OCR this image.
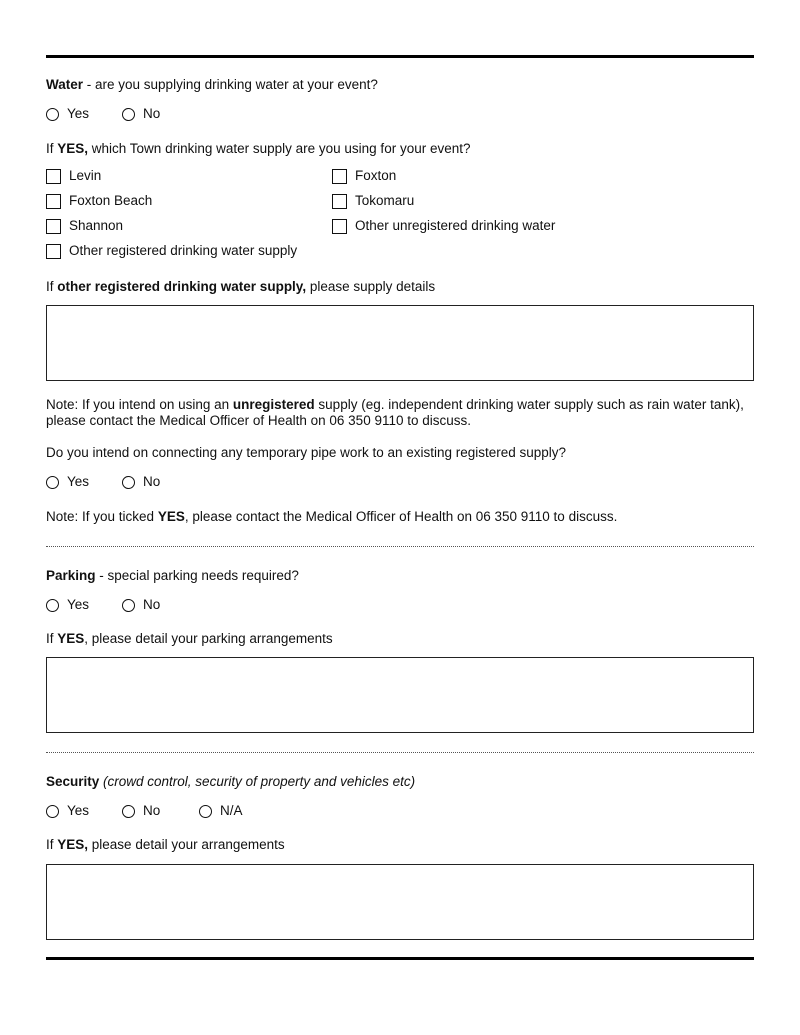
Water - are you supplying drinking water at your event?
Yes	No
If YES, which Town drinking water supply are you using for your event?
Levin	Foxton
Foxton Beach	Tokomaru
Shannon	Other unregistered drinking water
Other registered drinking water supply
If other registered drinking water supply, please supply details
Note: If you intend on using an unregistered supply (eg. independent drinking water supply such as rain water tank), please contact the Medical Officer of Health on 06 350 9110 to discuss.
Do you intend on connecting any temporary pipe work to an existing registered supply?
Yes	No
Note: If you ticked YES, please contact the Medical Officer of Health on 06 350 9110 to discuss.
Parking - special parking needs required?
Yes	No
If YES, please detail your parking arrangements
Security (crowd control, security of property and vehicles etc)
Yes	No	N/A
If YES, please detail your arrangements
